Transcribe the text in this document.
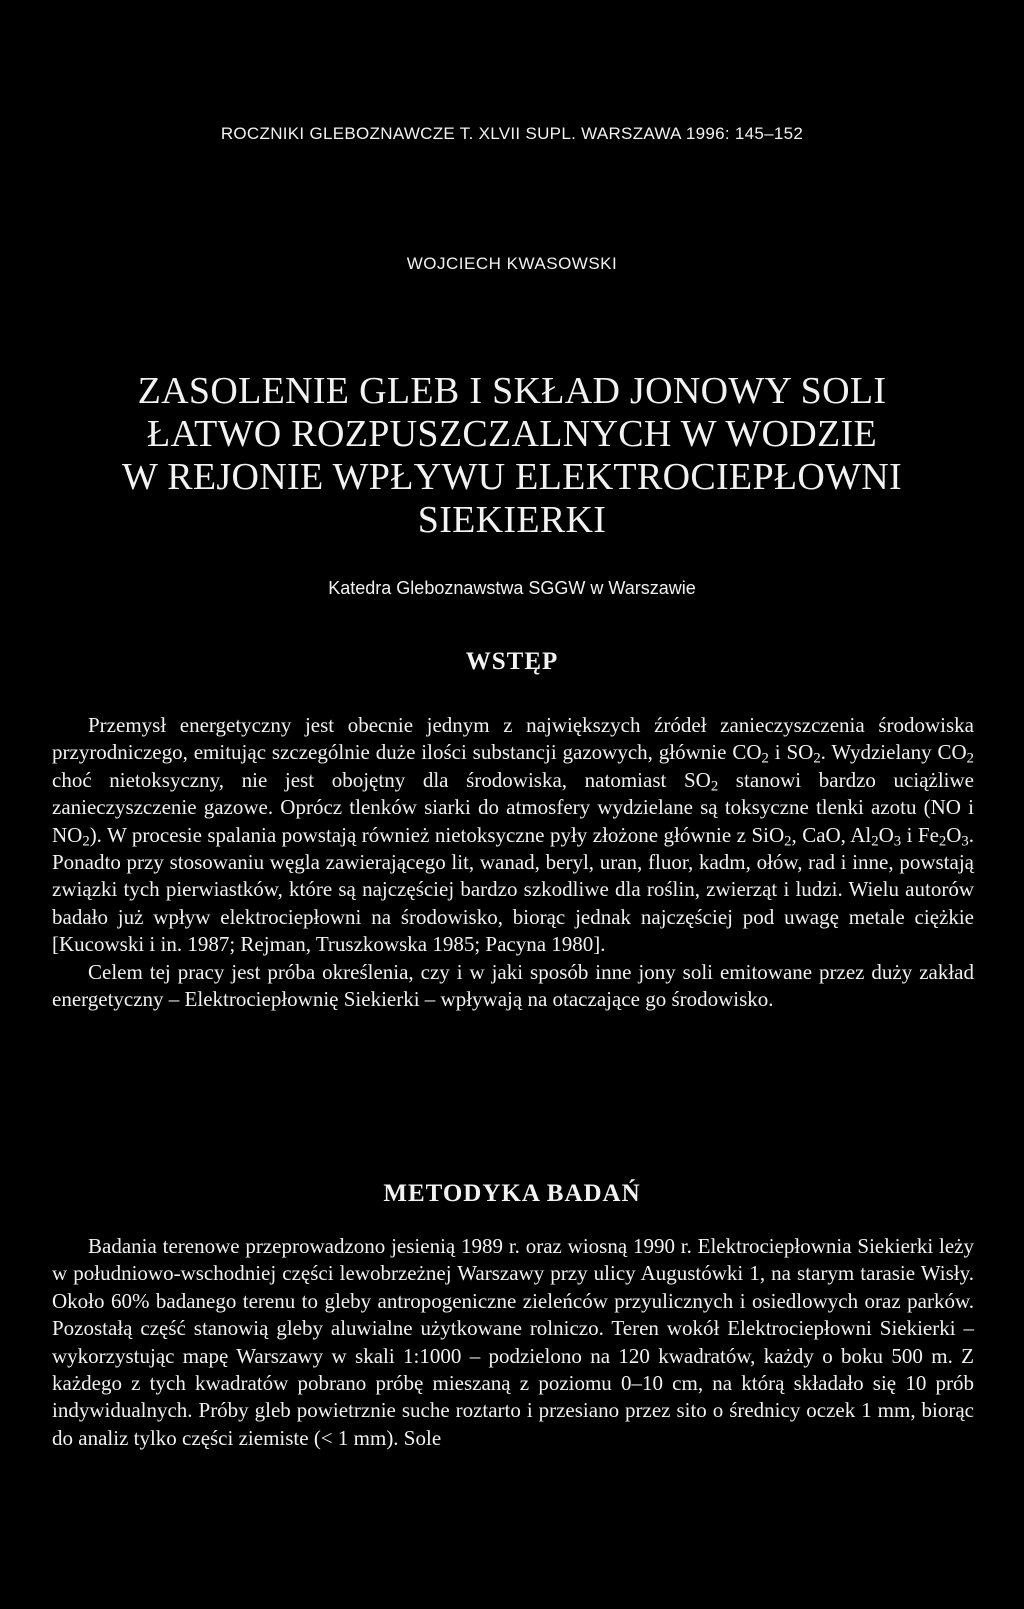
ROCZNIKI GLEBOZNAWCZE T. XLVII SUPL. WARSZAWA 1996: 145–152
WOJCIECH KWASOWSKI
ZASOLENIE GLEB I SKŁAD JONOWY SOLI
ŁATWO ROZPUSZCZALNYCH W WODZIE
W REJONIE WPŁYWU ELEKTROCIEPŁOWNI
SIEKIERKI
Katedra Gleboznawstwa SGGW w Warszawie
WSTĘP

Przemysł energetyczny jest obecnie jednym z największych źródeł zanieczyszczenia środowiska przyrodniczego, emitując szczególnie duże ilości substancji gazowych, głównie $CO_2$ i $SO_2$. Wydzielany $CO_2$ choć nietoksyczny, nie jest obojętny dla środowiska, natomiast $SO_2$ stanowi bardzo uciążliwe zanieczyszczenie gazowe. Oprócz tlenków siarki do atmosfery wydzielane są toksyczne tlenki azotu (NO i $NO_2$). W procesie spalania powstają również nietoksyczne pyły złożone głównie z SiO$_2$, CaO, $Al_2O_3$ i $Fe_2O_3$. Ponadto przy stosowaniu węgla zawierającego lit, wanad, beryl, uran, fluor, kadm, ołów, rad i inne, powstają związki tych pierwiastków, które są najczęściej bardzo szkodliwe dla roślin, zwierząt i ludzi. Wielu autorów badało już wpływ elektrociepłowni na środowisko, biorąc jednak najczęściej pod uwagę metale ciężkie [Kucowski i in. 1987; Rejman, Truszkowska 1985; Pacyna 1980].

Celem tej pracy jest próba określenia, czy i w jaki sposób inne jony soli emitowane przez duży zakład energetyczny – Elektrociepłownię Siekierki – wpływają na otaczające go środowisko.

METODYKA BADAŃ

Badania terenowe przeprowadzono jesienią 1989 r. oraz wiosną 1990 r. Elektrociepłownia Siekierki leży w południowo-wschodniej części lewobrzeżnej Warszawy przy ulicy Augustówki 1, na starym tarasie Wisły. Około 60% badanego terenu to gleby antropogeniczne zieleńców przyulicznych i osiedlowych oraz parków. Pozostałą część stanowią gleby aluwialne użytkowane rolniczo. Teren wokół Elektrociepłowni Siekierki – wykorzystując mapę Warszawy w skali 1:1000 – podzielono na 120 kwadratów, każdy o boku 500 m. Z każdego z tych kwadratów pobrano próbę mieszaną z poziomu 0–10 cm, na którą składało się 10 prób indywidualnych. Próby gleb powietrznie suche roztarto i przesiano przez sito o średnicy oczek 1 mm, biorąc do analiz tylko części ziemiste (< 1 mm). Sole
